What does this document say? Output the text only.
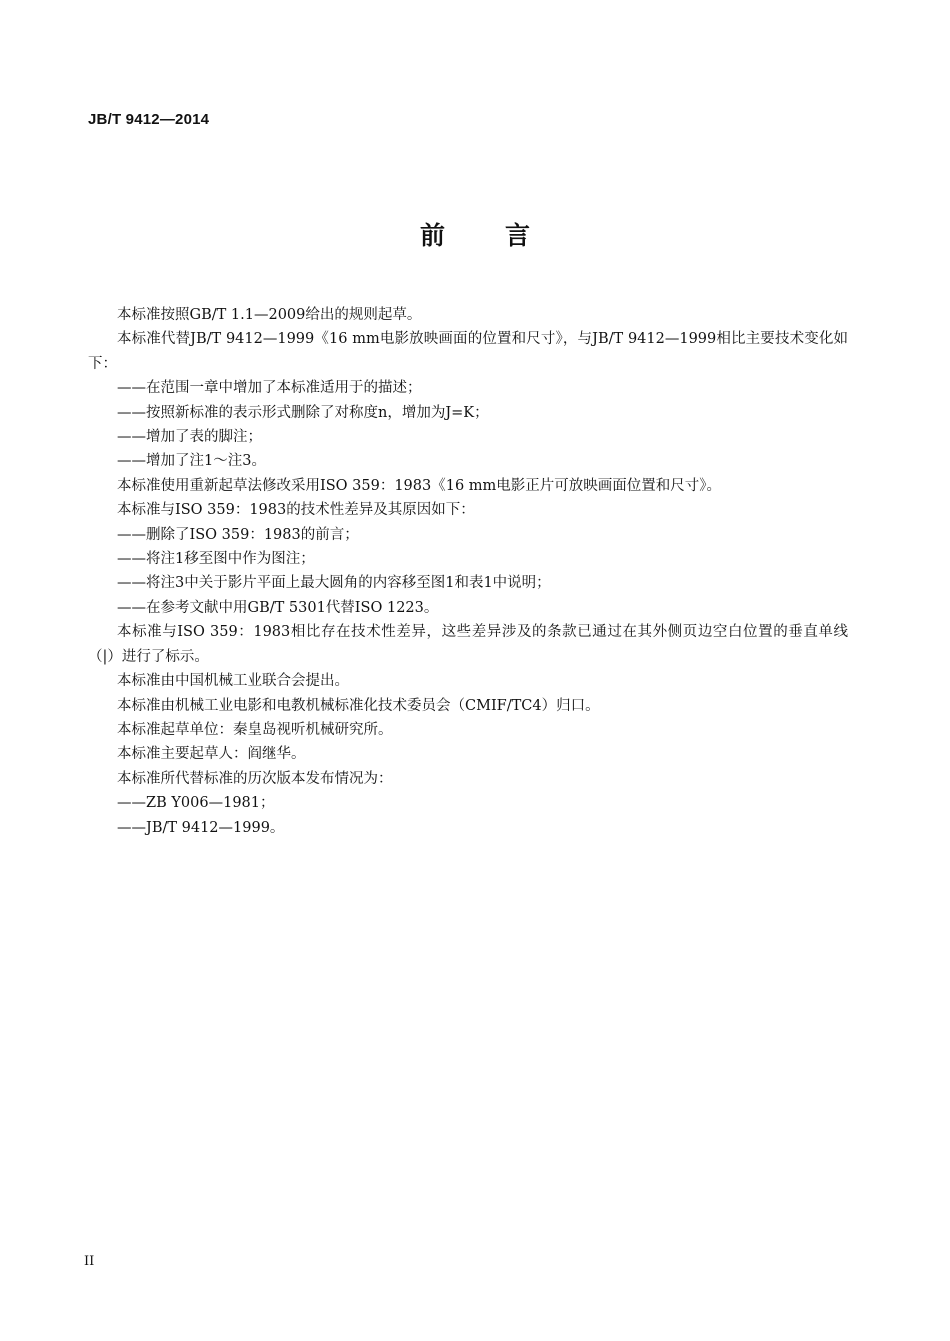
JB/T 9412—2014
前 言
本标准按照GB/T 1.1—2009给出的规则起草。
本标准代替JB/T 9412—1999《16 mm电影放映画面的位置和尺寸》，与JB/T 9412—1999相比主要技术变化如下：
——在范围一章中增加了本标准适用于的描述；
——按照新标准的表示形式删除了对称度n，增加为J=K；
——增加了表的脚注；
——增加了注1～注3。
本标准使用重新起草法修改采用ISO 359：1983《16 mm电影正片可放映画面位置和尺寸》。
本标准与ISO 359：1983的技术性差异及其原因如下：
——删除了ISO 359：1983的前言；
——将注1移至图中作为图注；
——将注3中关于影片平面上最大圆角的内容移至图1和表1中说明；
——在参考文献中用GB/T 5301代替ISO 1223。
本标准与ISO 359：1983相比存在技术性差异，这些差异涉及的条款已通过在其外侧页边空白位置的垂直单线（|）进行了标示。
本标准由中国机械工业联合会提出。
本标准由机械工业电影和电教机械标准化技术委员会（CMIF/TC4）归口。
本标准起草单位：秦皇岛视听机械研究所。
本标准主要起草人：阎继华。
本标准所代替标准的历次版本发布情况为：
——ZB Y006—1981；
——JB/T 9412—1999。
II
